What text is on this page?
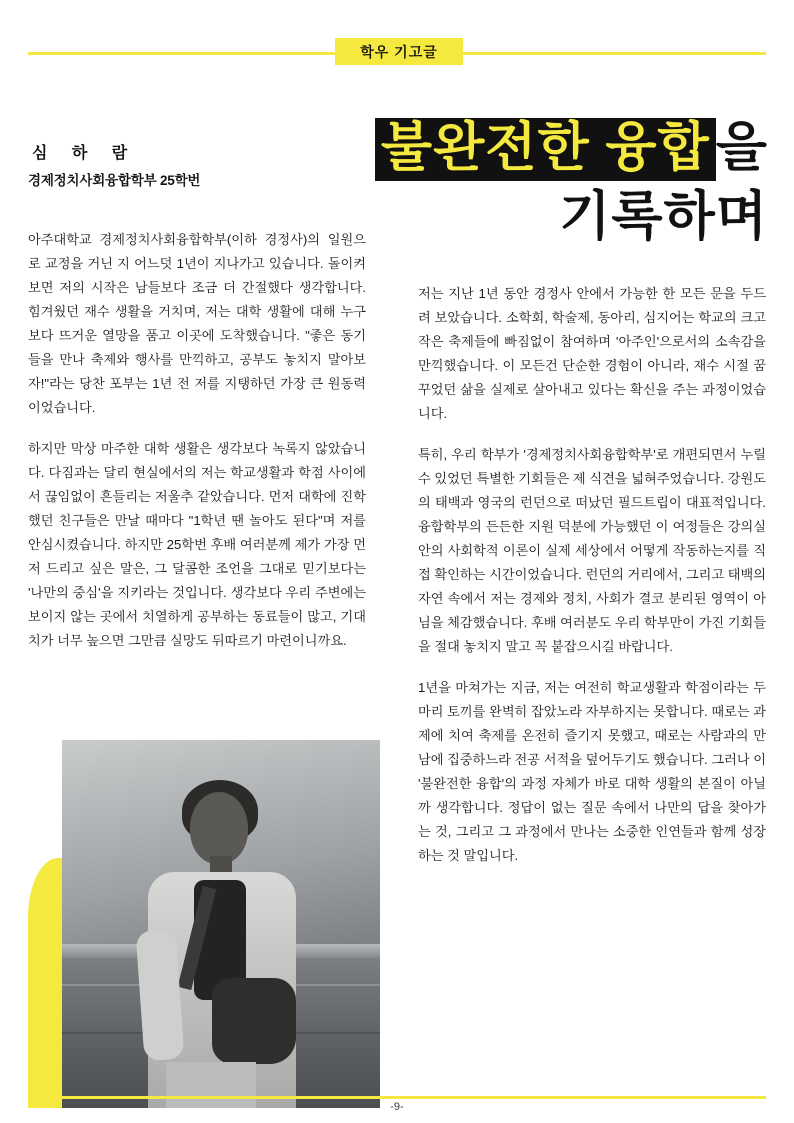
학우 기고글

심 하 람

경제정치사회융합학부 25학번

불완전한 융합 을
기록하며

아주대학교 경제정치사회융합학부(이하 경정사)의 일원으로 교정을 거닌 지 어느덧 1년이 지나가고 있습니다. 돌이켜보면 저의 시작은 남들보다 조금 더 간절했다 생각합니다. 힘겨웠던 재수 생활을 거치며, 저는 대학 생활에 대해 누구보다 뜨거운 열망을 품고 이곳에 도착했습니다. "좋은 동기들을 만나 축제와 행사를 만끽하고, 공부도 놓치지 말아보자!"라는 당찬 포부는 1년 전 저를 지탱하던 가장 큰 원동력이었습니다.

하지만 막상 마주한 대학 생활은 생각보다 녹록지 않았습니다. 다짐과는 달리 현실에서의 저는 학교생활과 학점 사이에서 끊임없이 흔들리는 저울추 같았습니다. 먼저 대학에 진학했던 친구들은 만날 때마다 "1학년 땐 놀아도 된다"며 저를 안심시켰습니다. 하지만 25학번 후배 여러분께 제가 가장 먼저 드리고 싶은 말은, 그 달콤한 조언을 그대로 믿기보다는 '나만의 중심'을 지키라는 것입니다. 생각보다 우리 주변에는 보이지 않는 곳에서 치열하게 공부하는 동료들이 많고, 기대치가 너무 높으면 그만큼 실망도 뒤따르기 마련이니까요.

저는 지난 1년 동안 경정사 안에서 가능한 한 모든 문을 두드려 보았습니다. 소학회, 학술제, 동아리, 심지어는 학교의 크고 작은 축제들에 빠짐없이 참여하며 '아주인'으로서의 소속감을 만끽했습니다. 이 모든건 단순한 경험이 아니라, 재수 시절 꿈꾸었던 삶을 실제로 살아내고 있다는 확신을 주는 과정이었습니다.

특히, 우리 학부가 '경제정치사회융합학부'로 개편되면서 누릴 수 있었던 특별한 기회들은 제 식견을 넓혀주었습니다. 강원도의 태백과 영국의 런던으로 떠났던 필드트립이 대표적입니다. 융합학부의 든든한 지원 덕분에 가능했던 이 여정들은 강의실 안의 사회학적 이론이 실제 세상에서 어떻게 작동하는지를 직접 확인하는 시간이었습니다. 런던의 거리에서, 그리고 태백의 자연 속에서 저는 경제와 정치, 사회가 결코 분리된 영역이 아님을 체감했습니다. 후배 여러분도 우리 학부만이 가진 기회들을 절대 놓치지 말고 꼭 붙잡으시길 바랍니다.

1년을 마쳐가는 지금, 저는 여전히 학교생활과 학점이라는 두 마리 토끼를 완벽히 잡았노라 자부하지는 못합니다. 때로는 과제에 치여 축제를 온전히 즐기지 못했고, 때로는 사람과의 만남에 집중하느라 전공 서적을 덮어두기도 했습니다. 그러나 이 '불완전한 융합'의 과정 자체가 바로 대학 생활의 본질이 아닐까 생각합니다. 정답이 없는 질문 속에서 나만의 답을 찾아가는 것, 그리고 그 과정에서 만나는 소중한 인연들과 함께 성장하는 것 말입니다.

-9-
